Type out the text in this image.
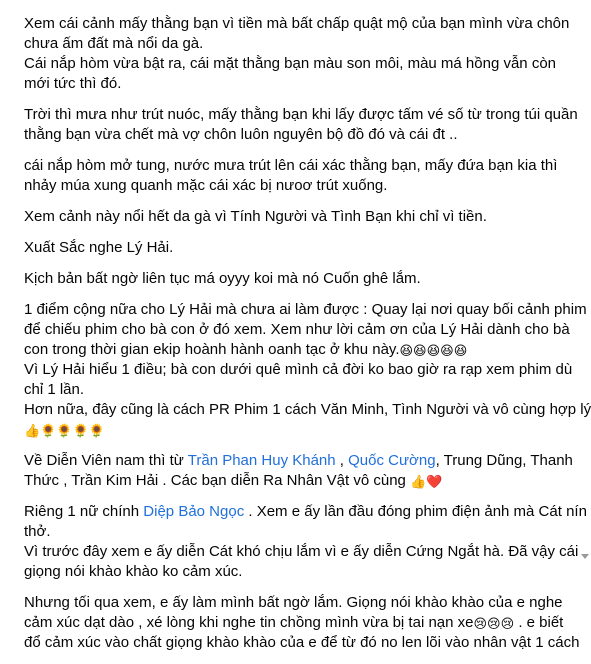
Xem cái cảnh mấy thằng bạn vì tiền mà bất chấp quật mộ của bạn mình vừa chôn
chưa ấm đất mà nổi da gà.
Cái nắp hòm vừa bật ra, cái mặt thằng bạn màu son môi, màu má hồng vẫn còn
mới tức thì đó.

Trời thì mưa như trút nuóc, mấy thằng bạn khi lấy được tấm vé số từ trong túi quần
thằng bạn vừa chết mà vợ chôn luôn nguyên bộ đồ đó và cái đt ..

cái nắp hòm mở tung, nước mưa trút lên cái xác thằng bạn, mấy đứa bạn kia thì
nhảy múa xung quanh mặc cái xác bị nưoơ trút xuống.

Xem cảnh này nổi hết da gà vì Tính Người và Tình Bạn khi chỉ vì tiền.

Xuất Sắc nghe Lý Hải.

Kịch bản bất ngờ liên tục má oyyy koi mà nó Cuốn ghê lắm.

1 điểm cộng nữa cho Lý Hải mà chưa ai làm được : Quay lại nơi quay bối cảnh phim
để chiếu phim cho bà con ở đó xem. Xem như lời cảm ơn của Lý Hải dành cho bà
con trong thời gian ekip hoành hành oanh tạc ở khu này.😆😆😆😆😆

Vì Lý Hải hiểu 1 điều; bà con dưới quê mình cả đời ko bao giờ ra rạp xem phim dù
chỉ 1 lần.
Hơn nữa, đây cũng là cách PR Phim 1 cách Văn Minh, Tình Người và vô cùng hợp lý
👍🌻🌻🌻🌻

Về Diễn Viên nam thì từ Trần Phan Huy Khánh , Quốc Cường, Trung Dũng, Thanh
Thức , Trần Kim Hải . Các bạn diễn Ra Nhân Vật vô cùng 👍❤️

Riêng 1 nữ chính Diệp Bảo Ngọc . Xem e ấy lần đầu đóng phim điện ảnh mà Cát nín
thở.
Vì trước đây xem e ấy diễn Cát khó chịu lắm vì e ấy diễn Cứng Ngắt hà. Đã vậy cái
giọng nói khào khào ko cảm xúc.

Nhưng tối qua xem, e ấy làm mình bất ngờ lắm. Giọng nói khào khào của e nghe
cảm xúc dạt dào , xé lòng khi nghe tin chồng mình vừa bị tai nạn xe😢😢😢 . e biết
đổ cảm xúc vào chất giọng khào khào của e để từ đó no len lõi vào nhân vật 1 cách
